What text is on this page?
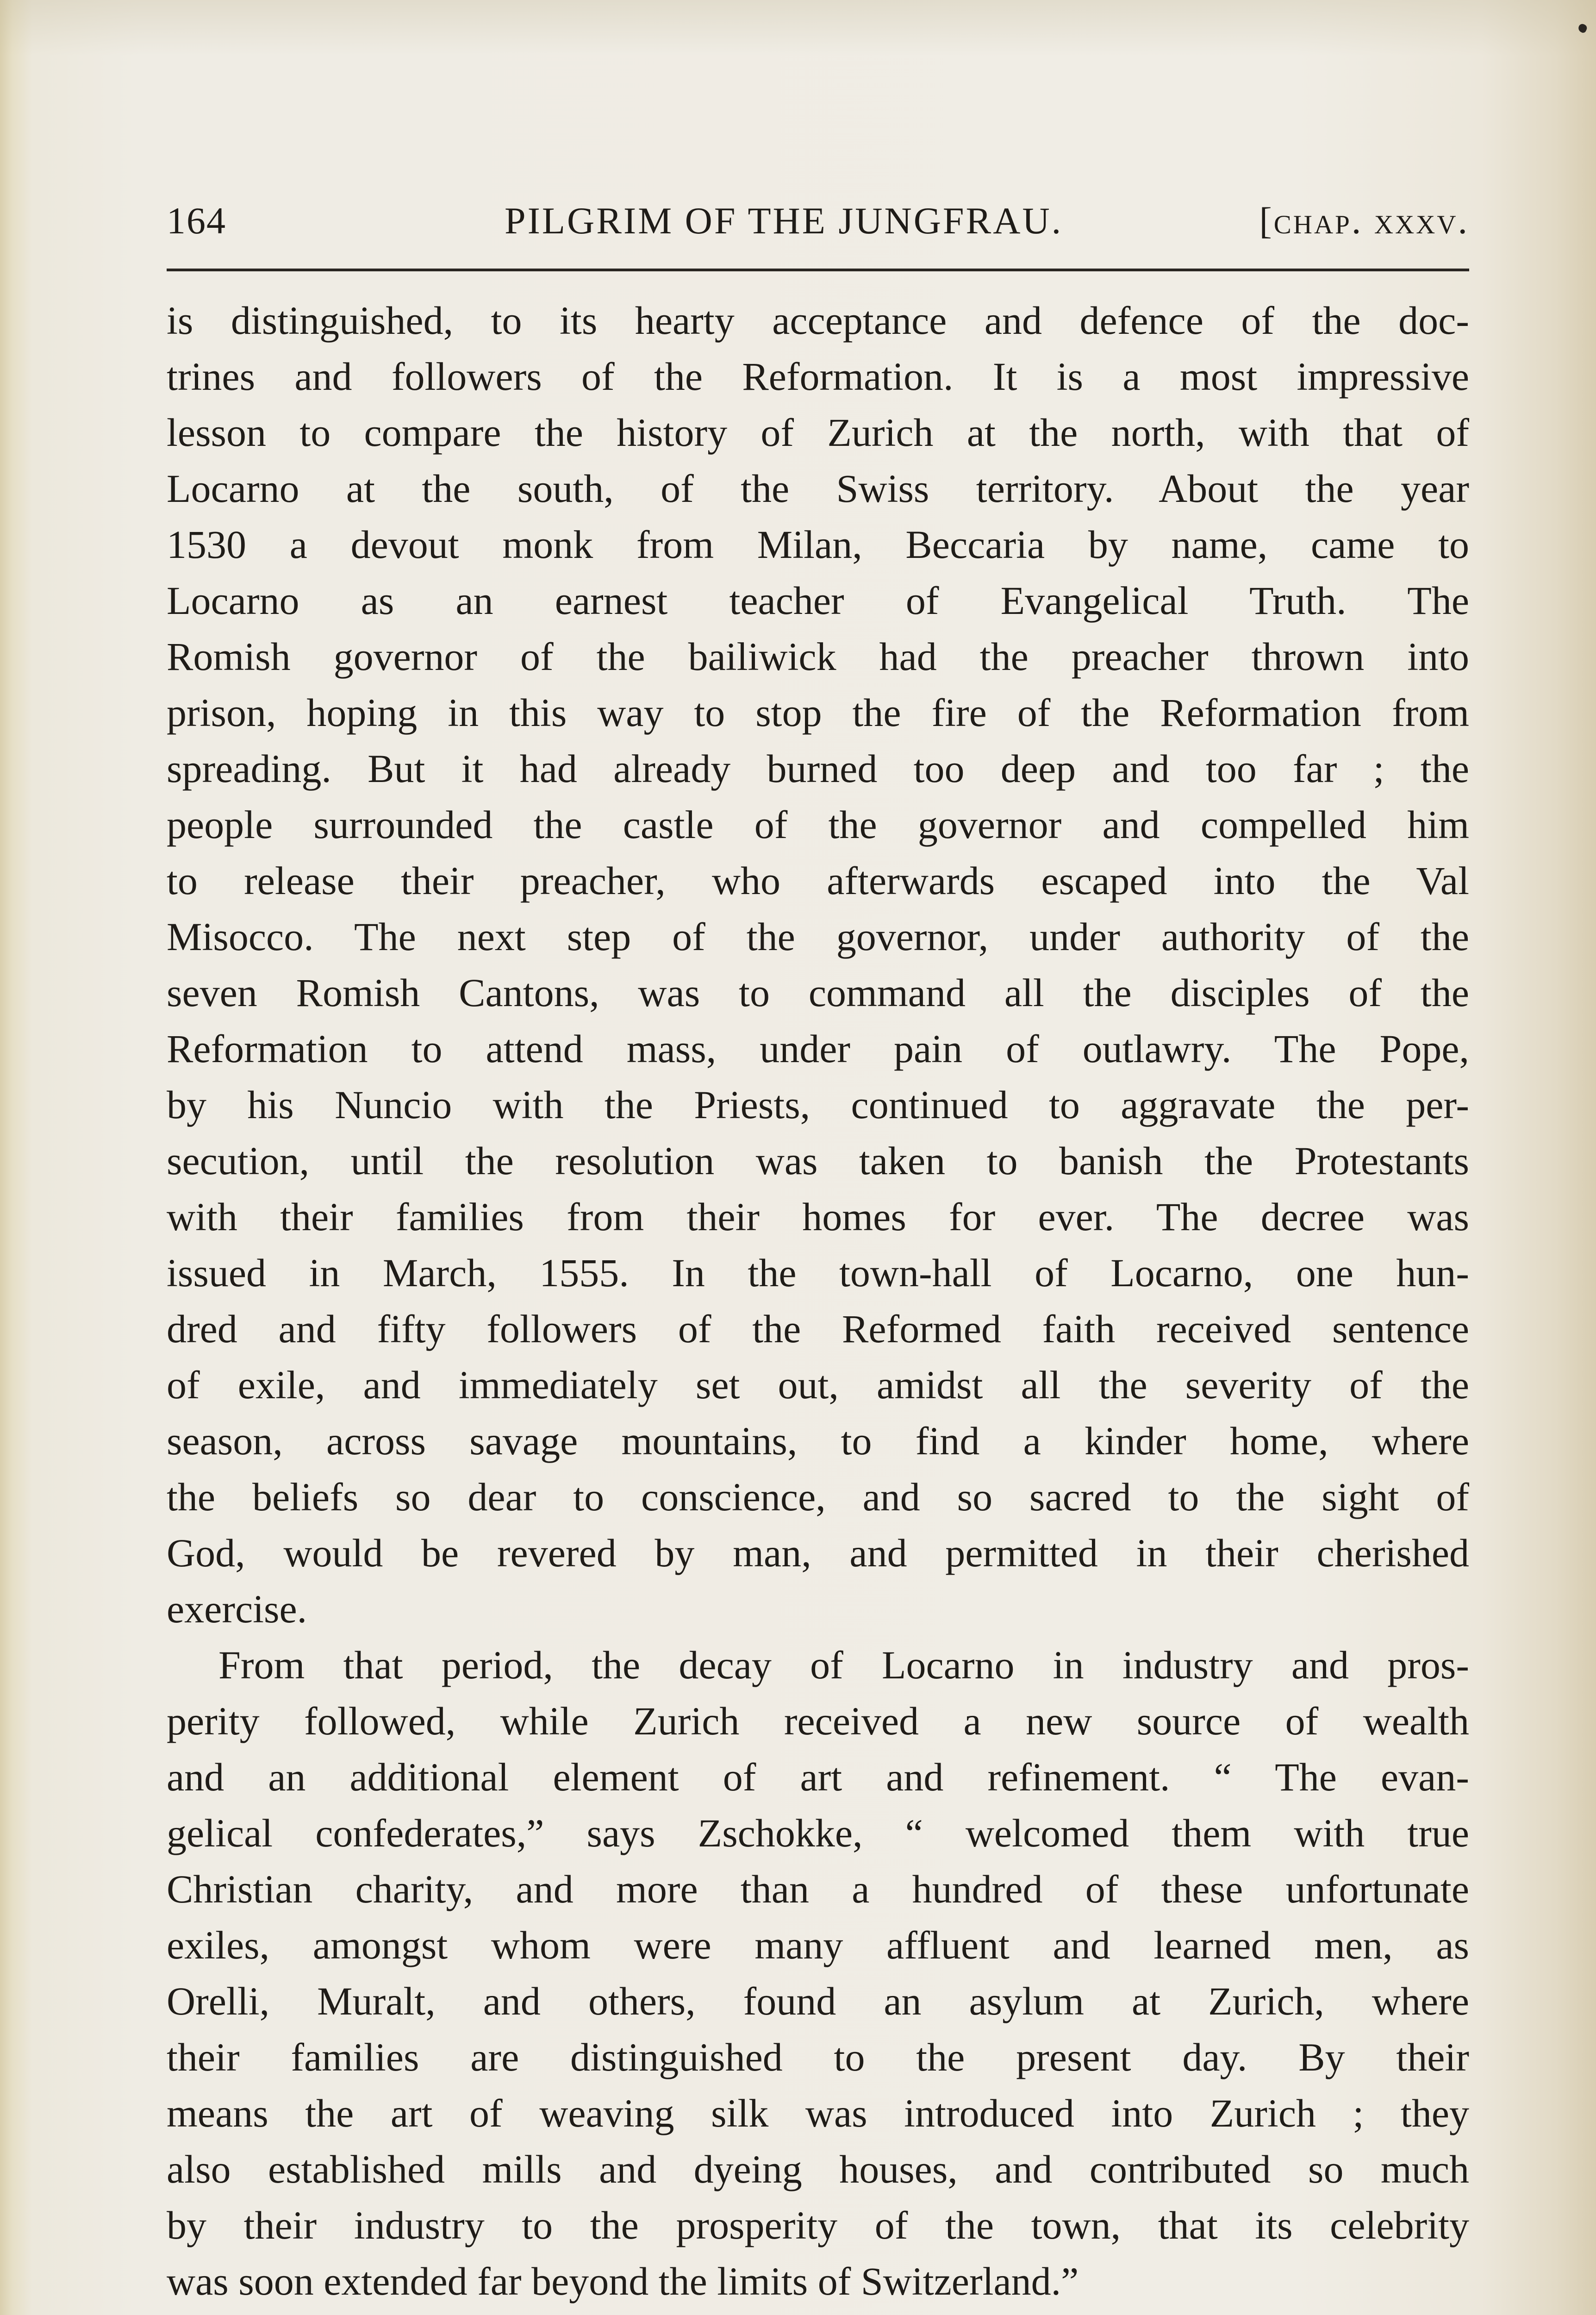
164	PILGRIM OF THE JUNGFRAU.	[chap. xxxv.
is distinguished, to its hearty acceptance and defence of the doc-
trines and followers of the Reformation. It is a most impressive
lesson to compare the history of Zurich at the north, with that of
Locarno at the south, of the Swiss territory. About the year
1530 a devout monk from Milan, Beccaria by name, came to
Locarno as an earnest teacher of Evangelical Truth. The
Romish governor of the bailiwick had the preacher thrown into
prison, hoping in this way to stop the fire of the Reformation from
spreading. But it had already burned too deep and too far ; the
people surrounded the castle of the governor and compelled him
to release their preacher, who afterwards escaped into the Val
Misocco. The next step of the governor, under authority of the
seven Romish Cantons, was to command all the disciples of the
Reformation to attend mass, under pain of outlawry. The Pope,
by his Nuncio with the Priests, continued to aggravate the per-
secution, until the resolution was taken to banish the Protestants
with their families from their homes for ever. The decree was
issued in March, 1555. In the town-hall of Locarno, one hun-
dred and fifty followers of the Reformed faith received sentence
of exile, and immediately set out, amidst all the severity of the
season, across savage mountains, to find a kinder home, where
the beliefs so dear to conscience, and so sacred to the sight of
God, would be revered by man, and permitted in their cherished
exercise.
From that period, the decay of Locarno in industry and pros-
perity followed, while Zurich received a new source of wealth
and an additional element of art and refinement. “ The evan-
gelical confederates,” says Zschokke, “ welcomed them with true
Christian charity, and more than a hundred of these unfortunate
exiles, amongst whom were many affluent and learned men, as
Orelli, Muralt, and others, found an asylum at Zurich, where
their families are distinguished to the present day. By their
means the art of weaving silk was introduced into Zurich ; they
also established mills and dyeing houses, and contributed so much
by their industry to the prosperity of the town, that its celebrity
was soon extended far beyond the limits of Switzerland.”
